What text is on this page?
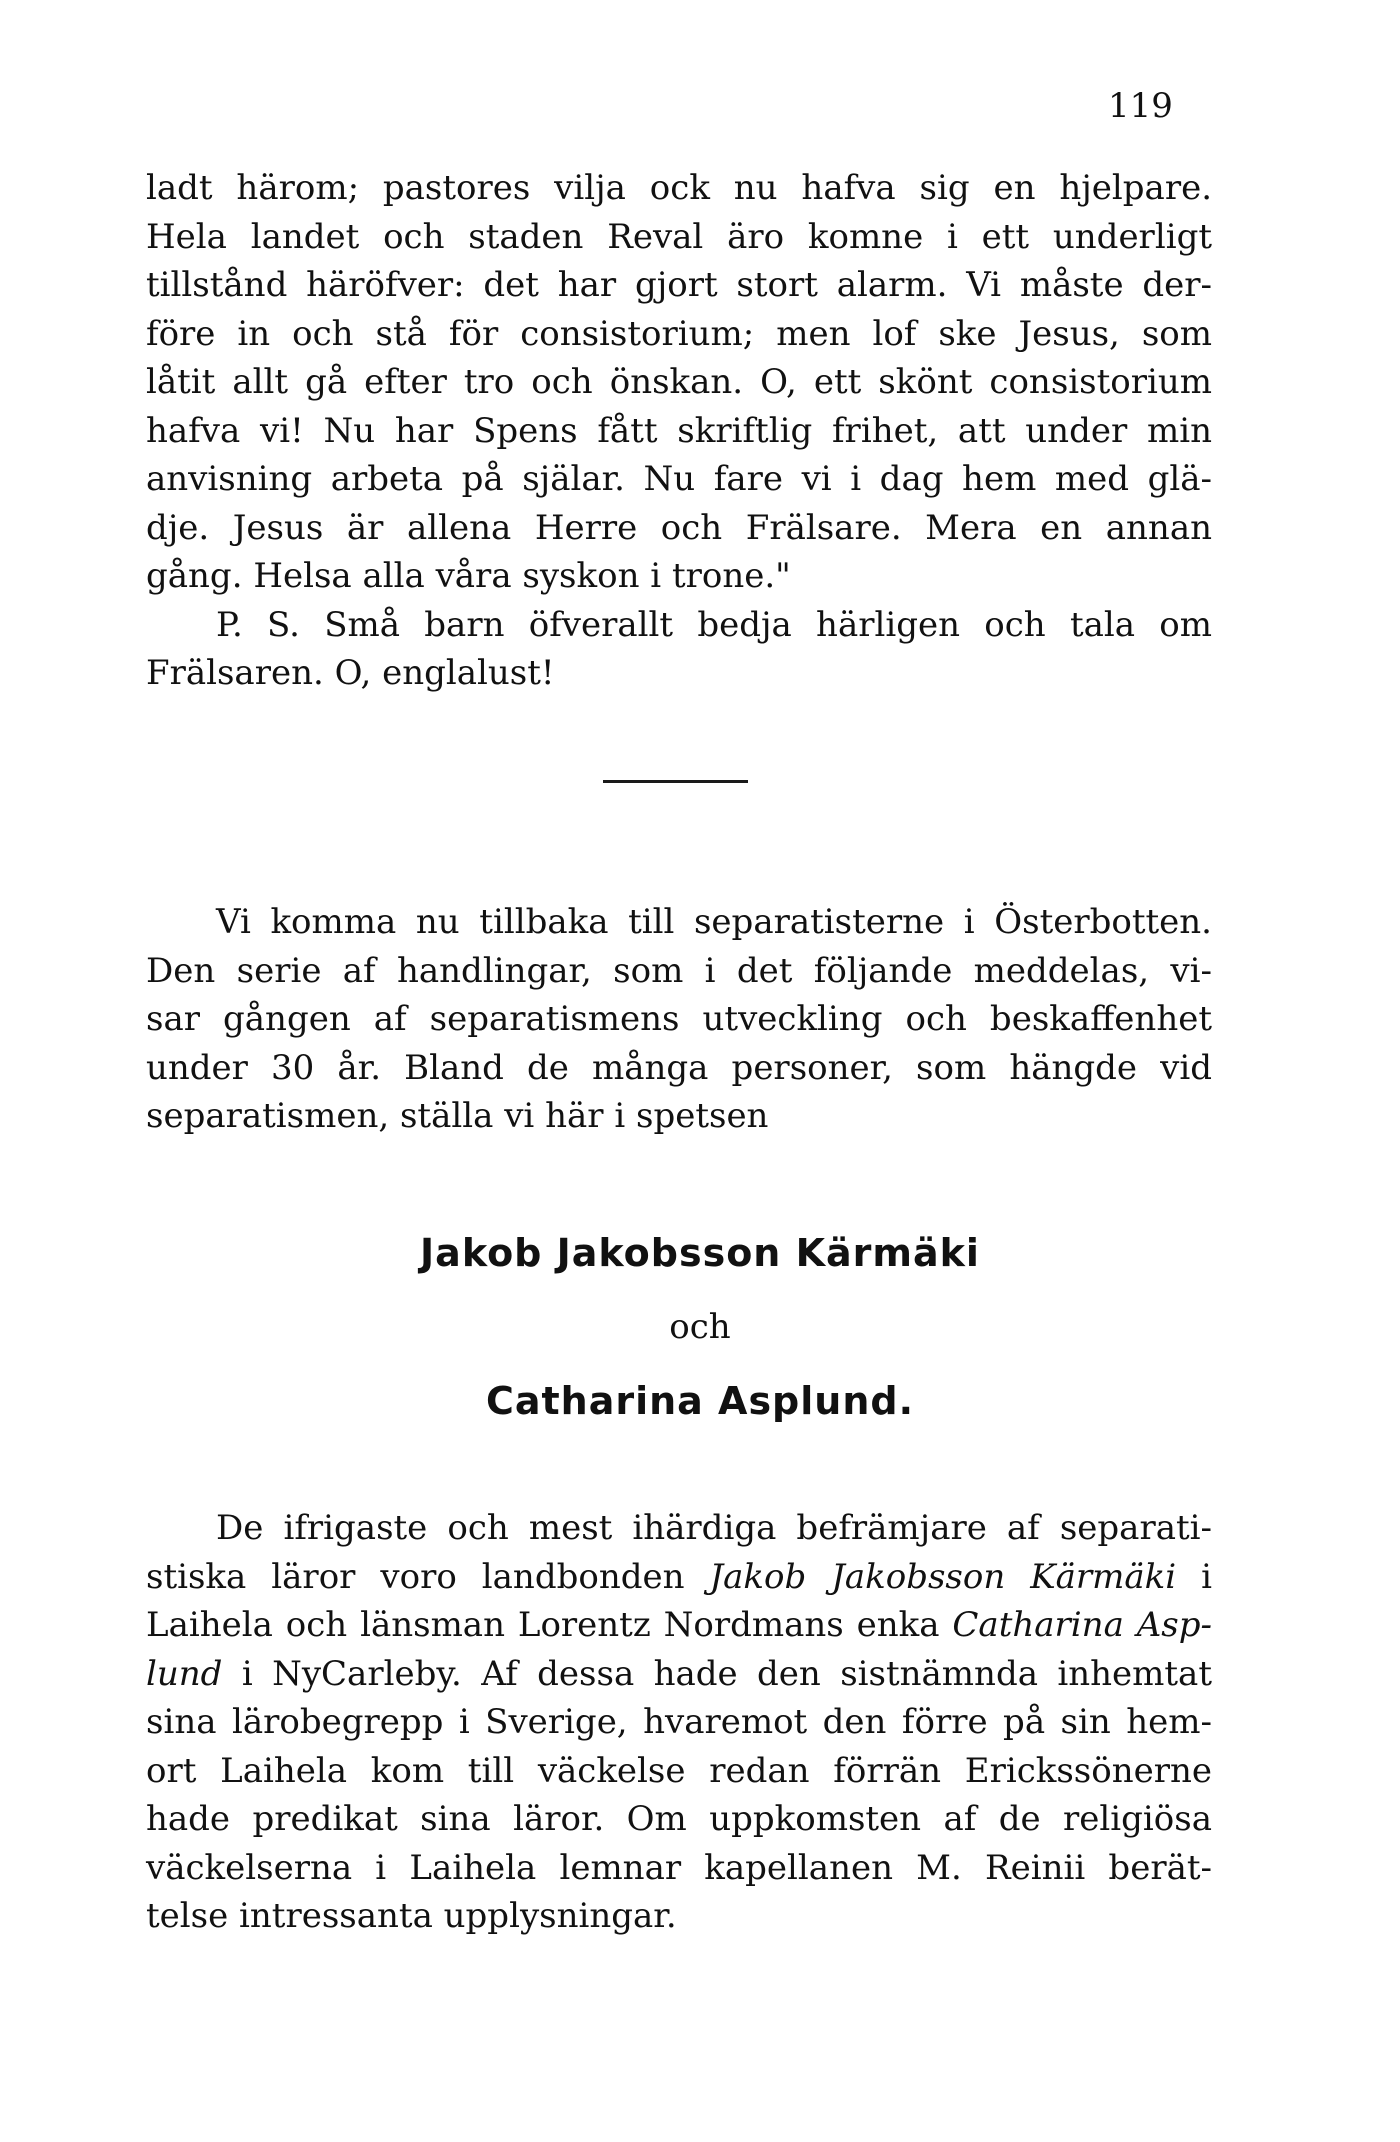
119
ladt härom; pastores vilja ock nu hafva sig en hjelpare.
Hela landet och staden Reval äro komne i ett underligt
tillstånd häröfver: det har gjort stort alarm. Vi måste der-
före in och stå för consistorium; men lof ske Jesus, som
låtit allt gå efter tro och önskan. O, ett skönt consistorium
hafva vi! Nu har Spens fått skriftlig frihet, att under min
anvisning arbeta på själar. Nu fare vi i dag hem med glä-
dje. Jesus är allena Herre och Frälsare. Mera en annan
gång. Helsa alla våra syskon i trone."
P. S. Små barn öfverallt bedja härligen och tala om
Frälsaren. O, englalust!
Vi komma nu tillbaka till separatisterne i Österbotten.
Den serie af handlingar, som i det följande meddelas, vi-
sar gången af separatismens utveckling och beskaffenhet
under 30 år. Bland de många personer, som hängde vid
separatismen, ställa vi här i spetsen
Jakob Jakobsson Kärmäki
och
Catharina Asplund.
De ifrigaste och mest ihärdiga befrämjare af separati-
stiska läror voro landbonden Jakob Jakobsson Kärmäki i
Laihela och länsman Lorentz Nordmans enka Catharina Asp-
lund i NyCarleby. Af dessa hade den sistnämnda inhemtat
sina lärobegrepp i Sverige, hvaremot den förre på sin hem-
ort Laihela kom till väckelse redan förrän Erickssönerne
hade predikat sina läror. Om uppkomsten af de religiösa
väckelserna i Laihela lemnar kapellanen M. Reinii berät-
telse intressanta upplysningar.
